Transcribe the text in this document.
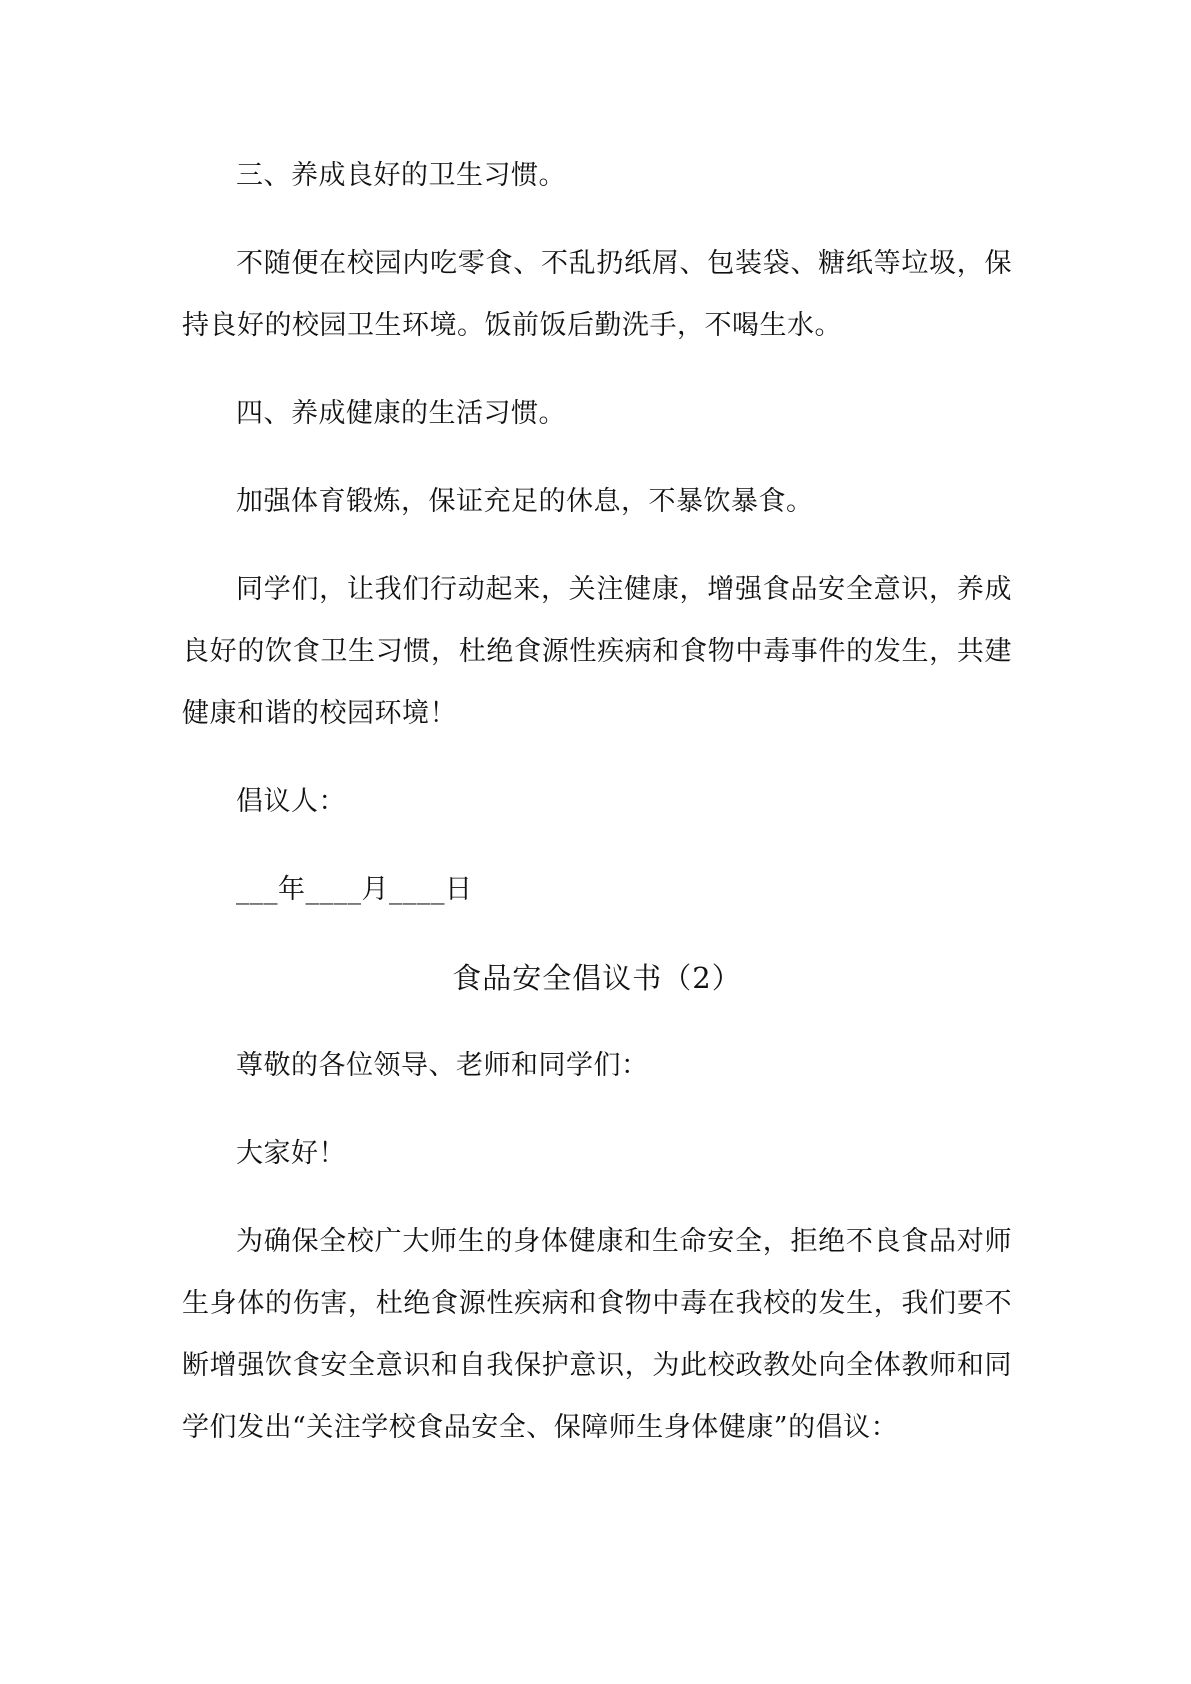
三、养成良好的卫生习惯。

不随便在校园内吃零食、不乱扔纸屑、包装袋、糖纸等垃圾，保持良好的校园卫生环境。饭前饭后勤洗手，不喝生水。

四、养成健康的生活习惯。

加强体育锻炼，保证充足的休息，不暴饮暴食。

同学们，让我们行动起来，关注健康，增强食品安全意识，养成良好的饮食卫生习惯，杜绝食源性疾病和食物中毒事件的发生，共建健康和谐的校园环境！

倡议人：

___年____月____日

食品安全倡议书（2）

尊敬的各位领导、老师和同学们：

大家好！

为确保全校广大师生的身体健康和生命安全，拒绝不良食品对师生身体的伤害，杜绝食源性疾病和食物中毒在我校的发生，我们要不断增强饮食安全意识和自我保护意识，为此校政教处向全体教师和同学们发出“关注学校食品安全、保障师生身体健康”的倡议：
